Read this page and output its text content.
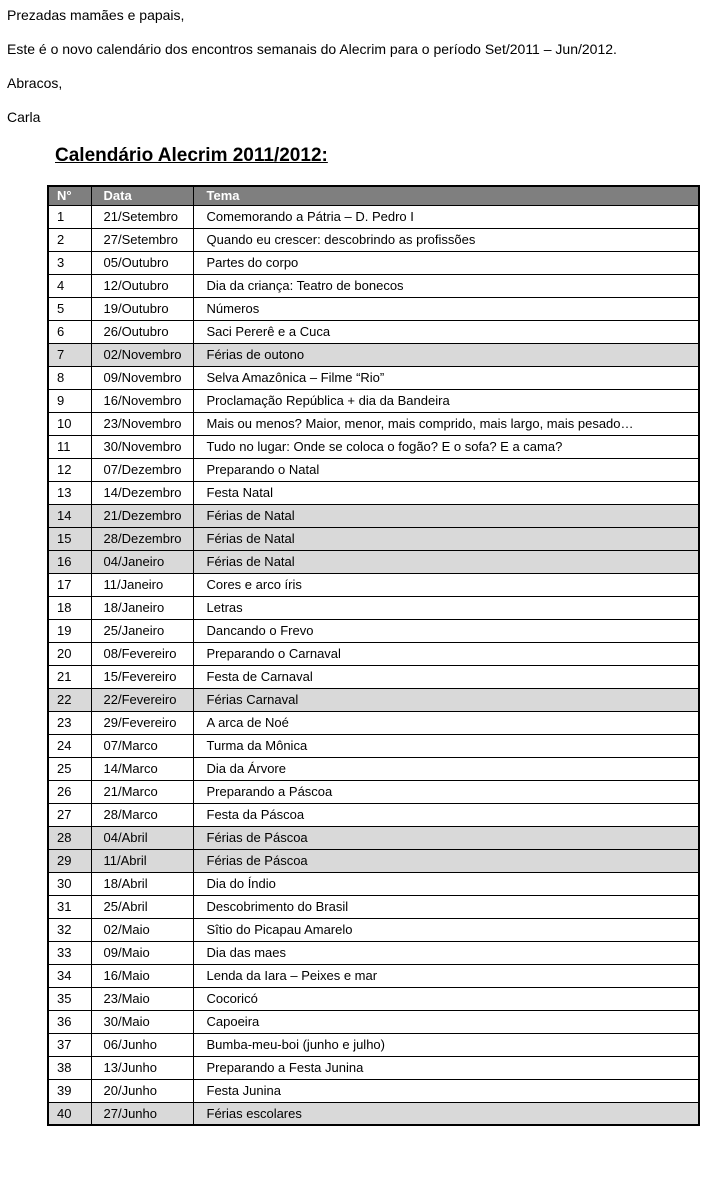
Prezadas mamães e papais,

Este é o novo calendário dos encontros semanais do Alecrim para o período Set/2011 – Jun/2012.

Abracos,

Carla

Calendário Alecrim 2011/2012:
N°	Data	Tema
1	21/Setembro	Comemorando a Pátria – D. Pedro I
2	27/Setembro	Quando eu crescer: descobrindo as profissões
3	05/Outubro	Partes do corpo
4	12/Outubro	Dia da criança: Teatro de bonecos
5	19/Outubro	Números
6	26/Outubro	Saci Pererê e a Cuca
7	02/Novembro	Férias de outono
8	09/Novembro	Selva Amazônica – Filme “Rio”
9	16/Novembro	Proclamação República + dia da Bandeira
10	23/Novembro	Mais ou menos? Maior, menor, mais comprido, mais largo, mais pesado…
11	30/Novembro	Tudo no lugar: Onde se coloca o fogão? E o sofa? E a cama?
12	07/Dezembro	Preparando o Natal
13	14/Dezembro	Festa Natal
14	21/Dezembro	Férias de Natal
15	28/Dezembro	Férias de Natal
16	04/Janeiro	Férias de Natal
17	11/Janeiro	Cores e arco íris
18	18/Janeiro	Letras
19	25/Janeiro	Dancando o Frevo
20	08/Fevereiro	Preparando o Carnaval
21	15/Fevereiro	Festa de Carnaval
22	22/Fevereiro	Férias Carnaval
23	29/Fevereiro	A arca de Noé
24	07/Marco	Turma da Mônica
25	14/Marco	Dia da Árvore
26	21/Marco	Preparando a Páscoa
27	28/Marco	Festa da Páscoa
28	04/Abril	Férias de Páscoa
29	11/Abril	Férias de Páscoa
30	18/Abril	Dia do Índio
31	25/Abril	Descobrimento do Brasil
32	02/Maio	Sîtio do Picapau Amarelo
33	09/Maio	Dia das maes
34	16/Maio	Lenda da Iara – Peixes e mar
35	23/Maio	Cocoricó
36	30/Maio	Capoeira
37	06/Junho	Bumba-meu-boi (junho e julho)
38	13/Junho	Preparando a Festa Junina
39	20/Junho	Festa Junina
40	27/Junho	Férias escolares
